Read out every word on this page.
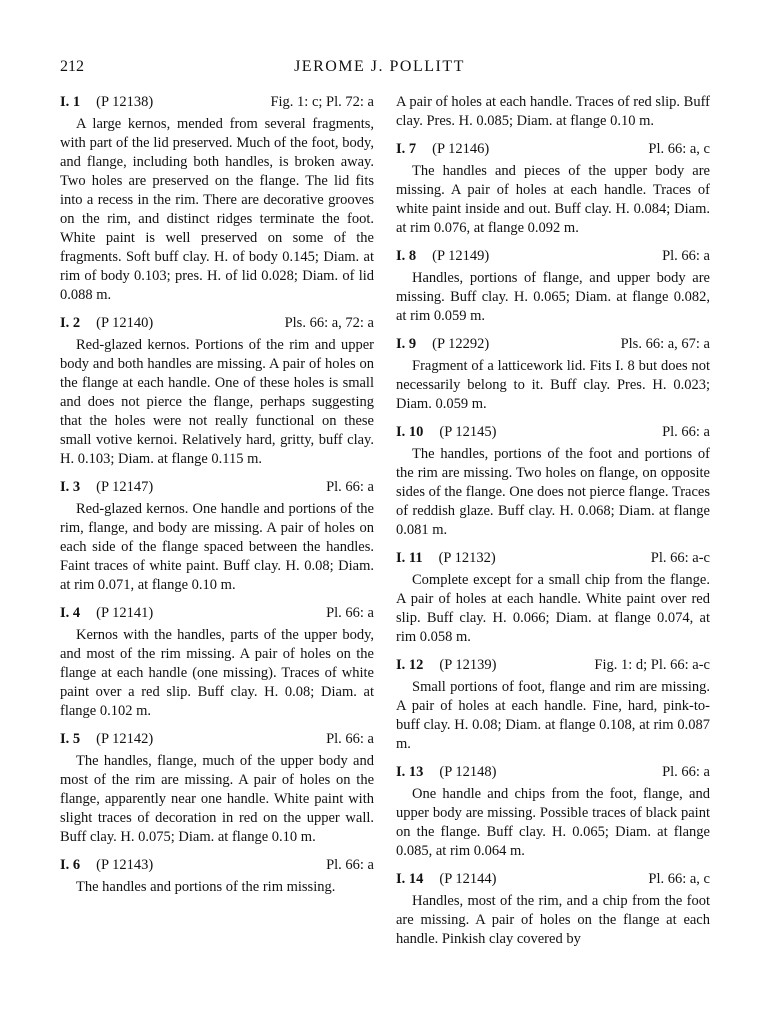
212	JEROME J. POLLITT
I. 1 (P 12138)	Fig. 1: c; Pl. 72: a

A large kernos, mended from several fragments, with part of the lid preserved. Much of the foot, body, and flange, including both handles, is broken away. Two holes are preserved on the flange. The lid fits into a recess in the rim. There are decorative grooves on the rim, and distinct ridges terminate the foot. White paint is well preserved on some of the fragments. Soft buff clay. H. of body 0.145; Diam. at rim of body 0.103; pres. H. of lid 0.028; Diam. of lid 0.088 m.

I. 2 (P 12140)	Pls. 66: a, 72: a

Red-glazed kernos. Portions of the rim and upper body and both handles are missing. A pair of holes on the flange at each handle. One of these holes is small and does not pierce the flange, perhaps suggesting that the holes were not really functional on these small votive kernoi. Relatively hard, gritty, buff clay. H. 0.103; Diam. at flange 0.115 m.

I. 3 (P 12147)	Pl. 66: a

Red-glazed kernos. One handle and portions of the rim, flange, and body are missing. A pair of holes on each side of the flange spaced between the handles. Faint traces of white paint. Buff clay. H. 0.08; Diam. at rim 0.071, at flange 0.10 m.

I. 4 (P 12141)	Pl. 66: a

Kernos with the handles, parts of the upper body, and most of the rim missing. A pair of holes on the flange at each handle (one missing). Traces of white paint over a red slip. Buff clay. H. 0.08; Diam. at flange 0.102 m.

I. 5 (P 12142)	Pl. 66: a

The handles, flange, much of the upper body and most of the rim are missing. A pair of holes on the flange, apparently near one handle. White paint with slight traces of decoration in red on the upper wall. Buff clay. H. 0.075; Diam. at flange 0.10 m.

I. 6 (P 12143)	Pl. 66: a

The handles and portions of the rim missing.

A pair of holes at each handle. Traces of red slip. Buff clay. Pres. H. 0.085; Diam. at flange 0.10 m.

I. 7 (P 12146)	Pl. 66: a, c

The handles and pieces of the upper body are missing. A pair of holes at each handle. Traces of white paint inside and out. Buff clay. H. 0.084; Diam. at rim 0.076, at flange 0.092 m.

I. 8 (P 12149)	Pl. 66: a

Handles, portions of flange, and upper body are missing. Buff clay. H. 0.065; Diam. at flange 0.082, at rim 0.059 m.

I. 9 (P 12292)	Pls. 66: a, 67: a

Fragment of a latticework lid. Fits I. 8 but does not necessarily belong to it. Buff clay. Pres. H. 0.023; Diam. 0.059 m.

I. 10 (P 12145)	Pl. 66: a

The handles, portions of the foot and portions of the rim are missing. Two holes on flange, on opposite sides of the flange. One does not pierce flange. Traces of reddish glaze. Buff clay. H. 0.068; Diam. at flange 0.081 m.

I. 11 (P 12132)	Pl. 66: a-c

Complete except for a small chip from the flange. A pair of holes at each handle. White paint over red slip. Buff clay. H. 0.066; Diam. at flange 0.074, at rim 0.058 m.

I. 12 (P 12139)	Fig. 1: d; Pl. 66: a-c

Small portions of foot, flange and rim are missing. A pair of holes at each handle. Fine, hard, pink-to-buff clay. H. 0.08; Diam. at flange 0.108, at rim 0.087 m.

I. 13 (P 12148)	Pl. 66: a

One handle and chips from the foot, flange, and upper body are missing. Possible traces of black paint on the flange. Buff clay. H. 0.065; Diam. at flange 0.085, at rim 0.064 m.

I. 14 (P 12144)	Pl. 66: a, c

Handles, most of the rim, and a chip from the foot are missing. A pair of holes on the flange at each handle. Pinkish clay covered by
